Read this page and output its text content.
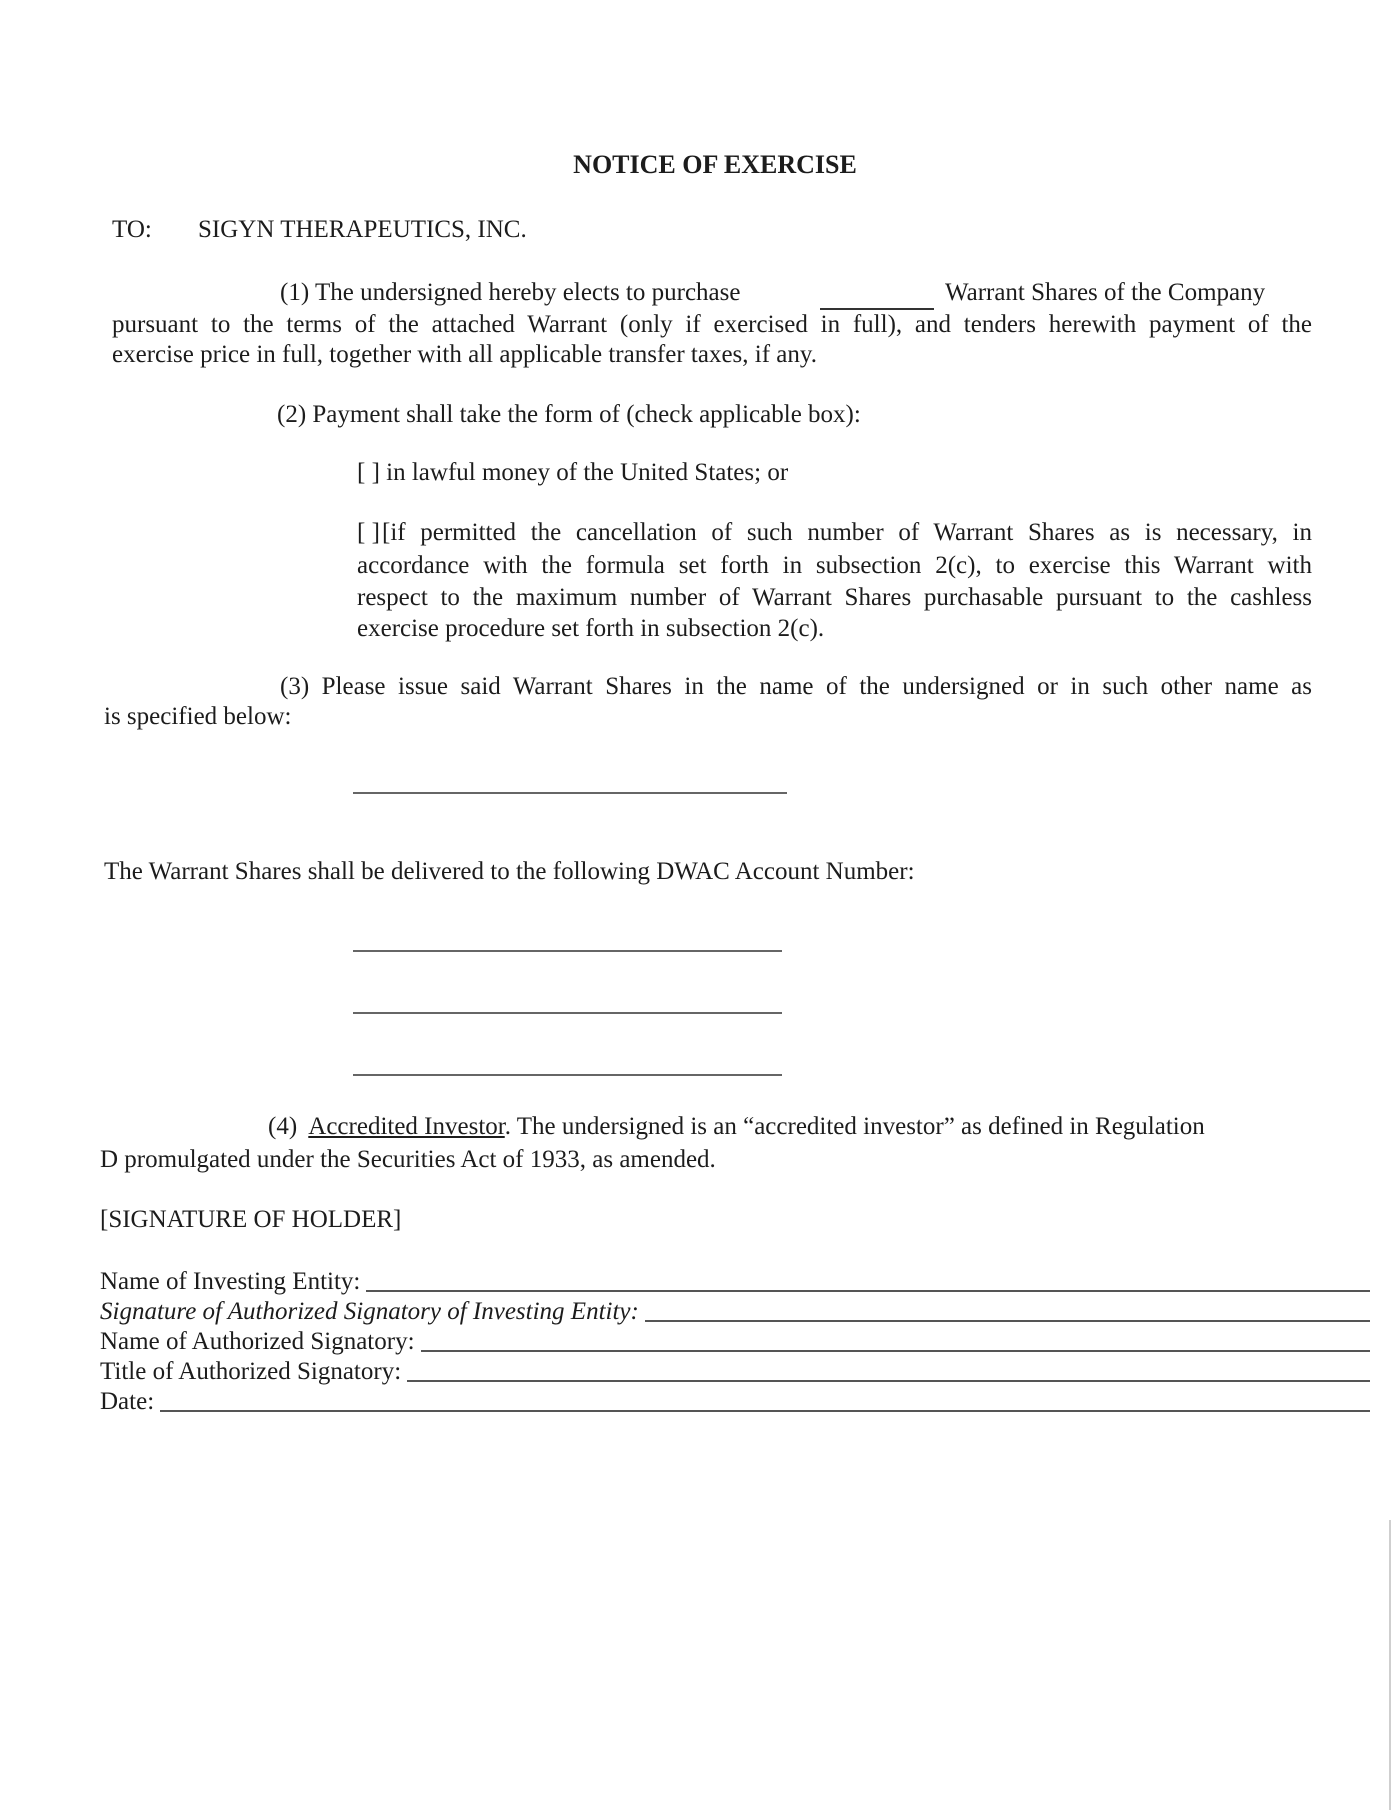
NOTICE OF EXERCISE
TO: SIGYN THERAPEUTICS, INC.
(1) The undersigned hereby elects to purchase	Warrant Shares of the Company
pursuant to the terms of the attached Warrant (only if exercised in full), and tenders herewith payment of the
exercise price in full, together with all applicable transfer taxes, if any.
(2) Payment shall take the form of (check applicable box):
[ ] in lawful money of the United States; or
[ ] [if permitted the cancellation of such number of Warrant Shares as is necessary, in
accordance with the formula set forth in subsection 2(c), to exercise this Warrant with
respect to the maximum number of Warrant Shares purchasable pursuant to the cashless
exercise procedure set forth in subsection 2(c).
(3) Please issue said Warrant Shares in the name of the undersigned or in such other name as
is specified below:
The Warrant Shares shall be delivered to the following DWAC Account Number:
(4) Accredited Investor. The undersigned is an “accredited investor” as defined in Regulation
D promulgated under the Securities Act of 1933, as amended.
[SIGNATURE OF HOLDER]
Name of Investing Entity:
Signature of Authorized Signatory of Investing Entity:
Name of Authorized Signatory:
Title of Authorized Signatory:
Date:
